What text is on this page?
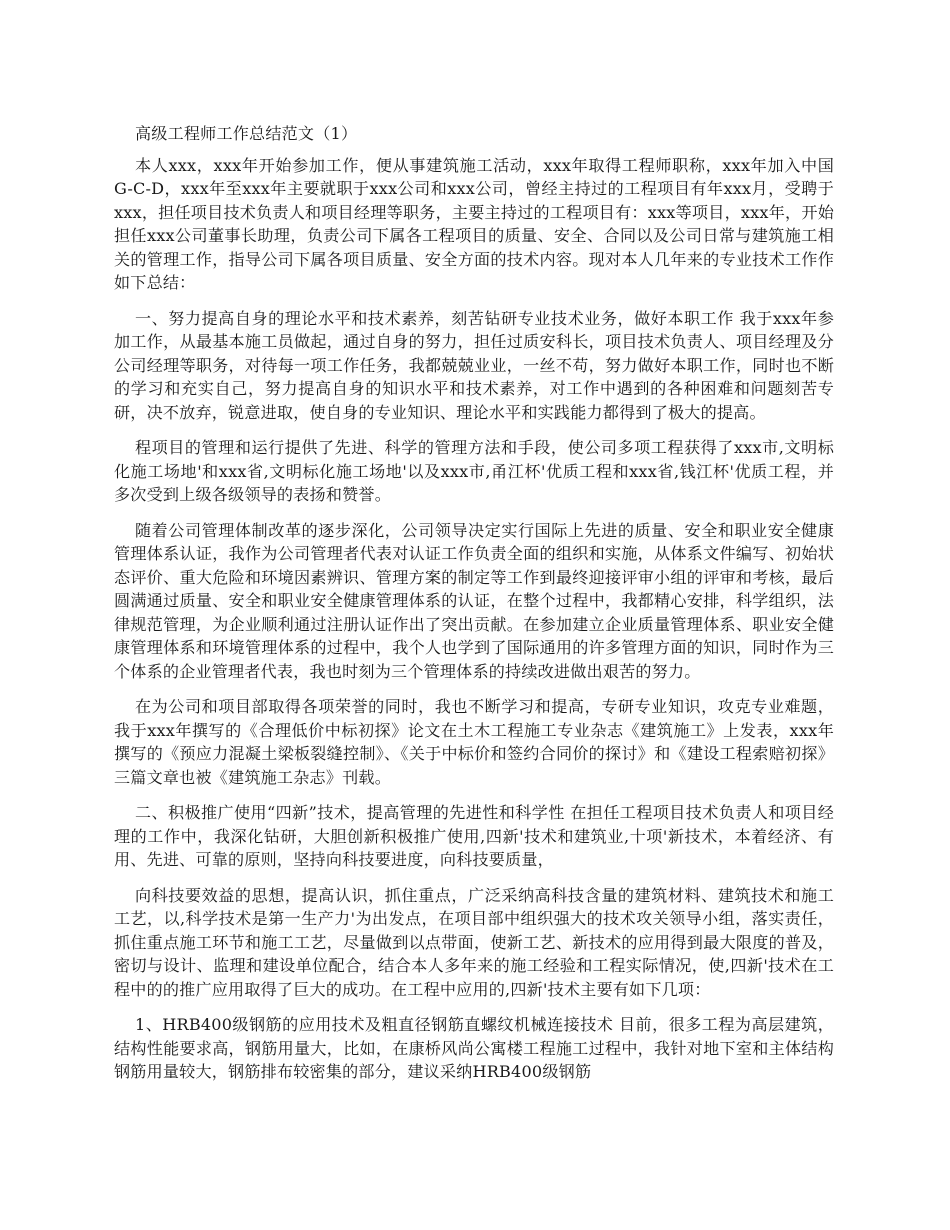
高级工程师工作总结范文（1）

本人xxx，xxx年开始参加工作，便从事建筑施工活动，xxx年取得工程师职称，xxx年加入中国G-C-D，xxx年至xxx年主要就职于xxx公司和xxx公司，曾经主持过的工程项目有年xxx月，受聘于xxx，担任项目技术负责人和项目经理等职务，主要主持过的工程项目有：xxx等项目，xxx年，开始担任xxx公司董事长助理，负责公司下属各工程项目的质量、安全、合同以及公司日常与建筑施工相关的管理工作，指导公司下属各项目质量、安全方面的技术内容。现对本人几年来的专业技术工作作如下总结：

一、努力提高自身的理论水平和技术素养，刻苦钻研专业技术业务，做好本职工作 我于xxx年参加工作，从最基本施工员做起，通过自身的努力，担任过质安科长，项目技术负责人、项目经理及分公司经理等职务，对待每一项工作任务，我都兢兢业业，一丝不苟，努力做好本职工作，同时也不断的学习和充实自己，努力提高自身的知识水平和技术素养，对工作中遇到的各种困难和问题刻苦专研，决不放弃，锐意进取，使自身的专业知识、理论水平和实践能力都得到了极大的提高。

程项目的管理和运行提供了先进、科学的管理方法和手段，使公司多项工程获得了xxx市,文明标化施工场地'和xxx省,文明标化施工场地'以及xxx市,甬江杯'优质工程和xxx省,钱江杯'优质工程，并多次受到上级各级领导的表扬和赞誉。

随着公司管理体制改革的逐步深化，公司领导决定实行国际上先进的质量、安全和职业安全健康管理体系认证，我作为公司管理者代表对认证工作负责全面的组织和实施，从体系文件编写、初始状态评价、重大危险和环境因素辨识、管理方案的制定等工作到最终迎接评审小组的评审和考核，最后圆满通过质量、安全和职业安全健康管理体系的认证，在整个过程中，我都精心安排，科学组织，法律规范管理，为企业顺利通过注册认证作出了突出贡献。在参加建立企业质量管理体系、职业安全健康管理体系和环境管理体系的过程中，我个人也学到了国际通用的许多管理方面的知识，同时作为三个体系的企业管理者代表，我也时刻为三个管理体系的持续改进做出艰苦的努力。

在为公司和项目部取得各项荣誉的同时，我也不断学习和提高，专研专业知识，攻克专业难题，我于xxx年撰写的《合理低价中标初探》论文在土木工程施工专业杂志《建筑施工》上发表，xxx年撰写的《预应力混凝土梁板裂缝控制》、《关于中标价和签约合同价的探讨》和《建设工程索赔初探》三篇文章也被《建筑施工杂志》刊载。

二、积极推广使用“四新”技术，提高管理的先进性和科学性 在担任工程项目技术负责人和项目经理的工作中，我深化钻研，大胆创新积极推广使用,四新'技术和建筑业,十项'新技术，本着经济、有用、先进、可靠的原则，坚持向科技要进度，向科技要质量，

向科技要效益的思想，提高认识，抓住重点，广泛采纳高科技含量的建筑材料、建筑技术和施工工艺，以,科学技术是第一生产力'为出发点，在项目部中组织强大的技术攻关领导小组，落实责任，抓住重点施工环节和施工工艺，尽量做到以点带面，使新工艺、新技术的应用得到最大限度的普及，密切与设计、监理和建设单位配合，结合本人多年来的施工经验和工程实际情况，使,四新'技术在工程中的的推广应用取得了巨大的成功。在工程中应用的,四新'技术主要有如下几项：

1、HRB400级钢筋的应用技术及粗直径钢筋直螺纹机械连接技术 目前，很多工程为高层建筑，结构性能要求高，钢筋用量大，比如，在康桥风尚公寓楼工程施工过程中，我针对地下室和主体结构钢筋用量较大，钢筋排布较密集的部分，建议采纳HRB400级钢筋
